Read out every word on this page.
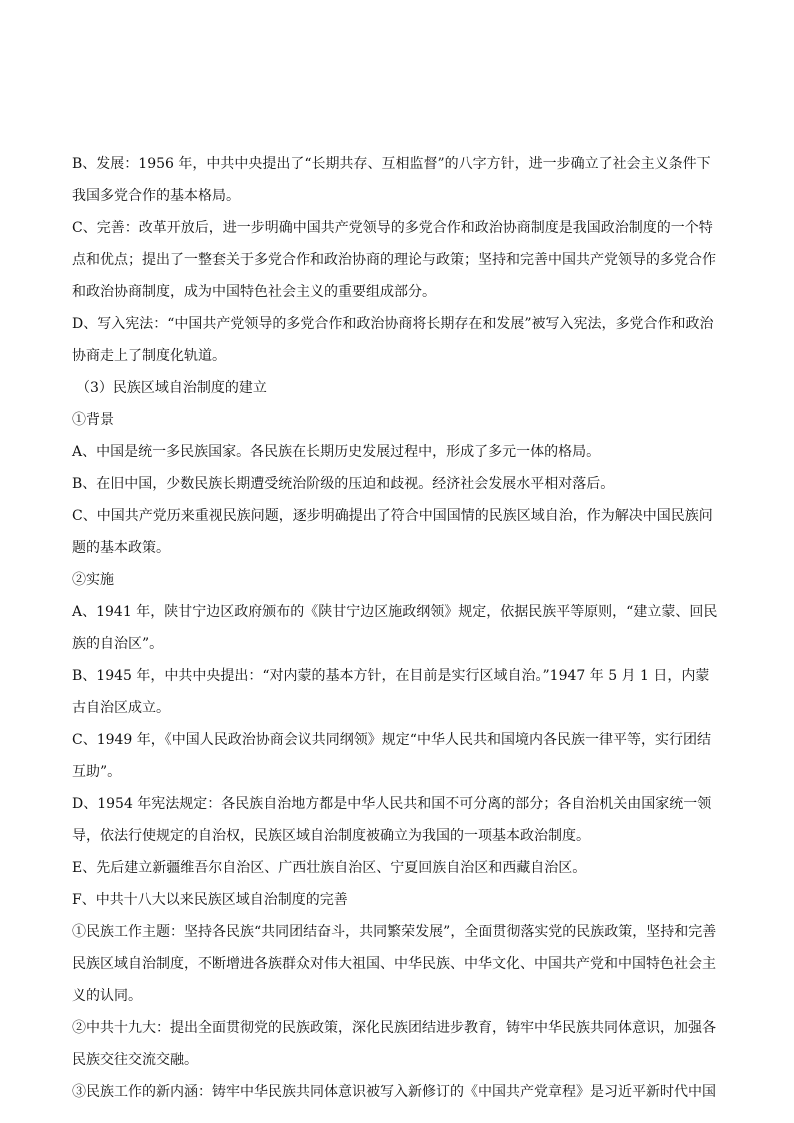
B、发展：1956 年，中共中央提出了“长期共存、互相监督”的八字方针，进一步确立了社会主义条件下我国多党合作的基本格局。

C、完善：改革开放后，进一步明确中国共产党领导的多党合作和政治协商制度是我国政治制度的一个特点和优点；提出了一整套关于多党合作和政治协商的理论与政策；坚持和完善中国共产党领导的多党合作和政治协商制度，成为中国特色社会主义的重要组成部分。

D、写入宪法：“中国共产党领导的多党合作和政治协商将长期存在和发展”被写入宪法，多党合作和政治协商走上了制度化轨道。

（3）民族区域自治制度的建立

①背景

A、中国是统一多民族国家。各民族在长期历史发展过程中，形成了多元一体的格局。

B、在旧中国，少数民族长期遭受统治阶级的压迫和歧视。经济社会发展水平相对落后。

C、中国共产党历来重视民族问题，逐步明确提出了符合中国国情的民族区域自治，作为解决中国民族问题的基本政策。

②实施

A、1941 年，陕甘宁边区政府颁布的《陕甘宁边区施政纲领》规定，依据民族平等原则，“建立蒙、回民族的自治区”。

B、1945 年，中共中央提出：“对内蒙的基本方针，在目前是实行区域自治。”1947 年 5 月 1 日，内蒙古自治区成立。

C、1949 年，《中国人民政治协商会议共同纲领》规定“中华人民共和国境内各民族一律平等，实行团结互助”。

D、1954 年宪法规定：各民族自治地方都是中华人民共和国不可分离的部分；各自治机关由国家统一领导，依法行使规定的自治权，民族区域自治制度被确立为我国的一项基本政治制度。

E、先后建立新疆维吾尔自治区、广西壮族自治区、宁夏回族自治区和西藏自治区。

F、中共十八大以来民族区域自治制度的完善

①民族工作主题：坚持各民族“共同团结奋斗，共同繁荣发展”，全面贯彻落实党的民族政策，坚持和完善民族区域自治制度，不断增进各族群众对伟大祖国、中华民族、中华文化、中国共产党和中国特色社会主义的认同。

②中共十九大：提出全面贯彻党的民族政策，深化民族团结进步教育，铸牢中华民族共同体意识，加强各民族交往交流交融。

③民族工作的新内涵：铸牢中华民族共同体意识被写入新修订的《中国共产党章程》是习近平新时代中国
